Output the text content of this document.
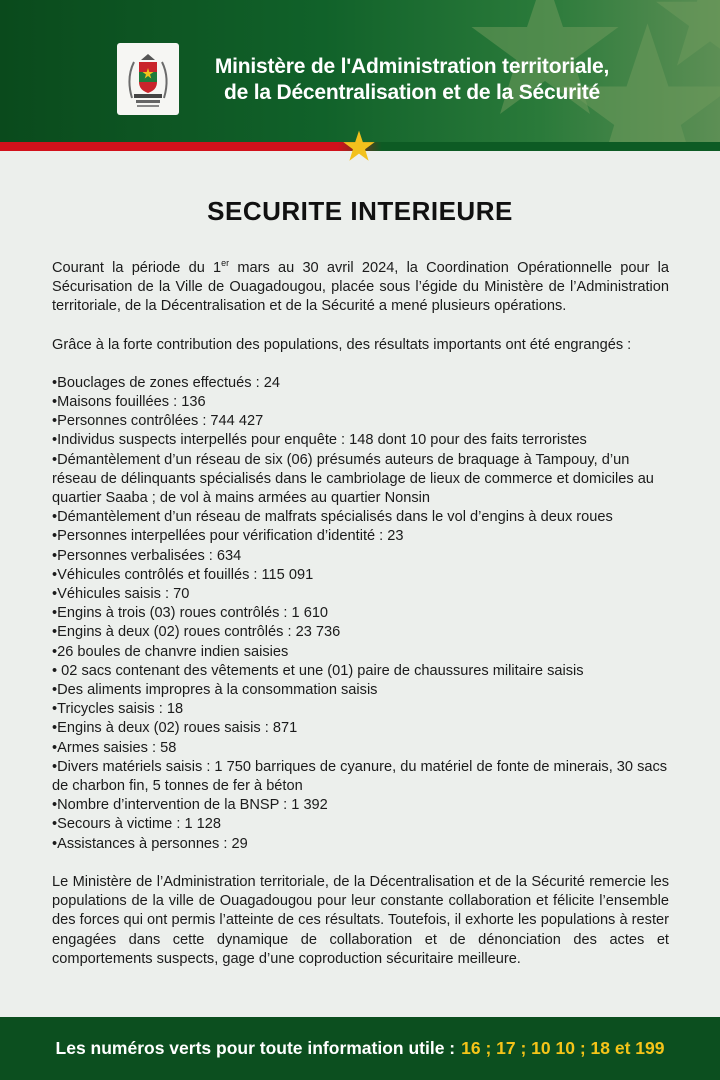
Ministère de l'Administration territoriale,
de la Décentralisation et de la Sécurité
SECURITE INTERIEURE

Courant la période du 1er mars au 30 avril 2024, la Coordination Opérationnelle pour la Sécurisation de la Ville de Ouagadougou, placée sous l’égide du Ministère de l’Administration territoriale, de la Décentralisation et de la Sécurité a mené plusieurs opérations.

Grâce à la forte contribution des populations, des résultats importants ont été engrangés :

•Bouclages de zones effectués : 24
•Maisons fouillées : 136
•Personnes contrôlées : 744 427
•Individus suspects interpellés pour enquête : 148 dont 10 pour des faits terroristes
•Démantèlement d’un réseau de six (06) présumés auteurs de braquage à Tampouy, d’un réseau de délinquants spécialisés dans le cambriolage de lieux de commerce et domiciles au quartier Saaba ; de vol à mains armées au quartier Nonsin
•Démantèlement d’un réseau de malfrats spécialisés dans le vol d’engins à deux roues
•Personnes interpellées pour vérification d’identité : 23
•Personnes verbalisées : 634
•Véhicules contrôlés et fouillés : 115 091
•Véhicules saisis : 70
•Engins à trois (03) roues contrôlés : 1 610
•Engins à deux (02) roues contrôlés : 23 736
•26 boules de chanvre indien saisies
• 02 sacs contenant des vêtements et une (01) paire de chaussures militaire saisis
•Des aliments impropres à la consommation saisis
•Tricycles saisis : 18
•Engins à deux (02) roues saisis : 871
•Armes saisies : 58
•Divers matériels saisis : 1 750 barriques de cyanure, du matériel de fonte de minerais, 30 sacs de charbon fin, 5 tonnes de fer à béton
•Nombre d’intervention de la BNSP : 1 392
•Secours à victime : 1 128
•Assistances à personnes : 29

Le Ministère de l’Administration territoriale, de la Décentralisation et de la Sécurité remercie les populations de la ville de Ouagadougou pour leur constante collaboration et félicite l’ensemble des forces qui ont permis l’atteinte de ces résultats. Toutefois, il exhorte les populations à rester engagées dans cette dynamique de collaboration et de dénonciation des actes et comportements suspects, gage d’une coproduction sécuritaire meilleure.

Les numéros verts pour toute information utile : 16 ; 17 ; 10 10 ; 18 et 199
